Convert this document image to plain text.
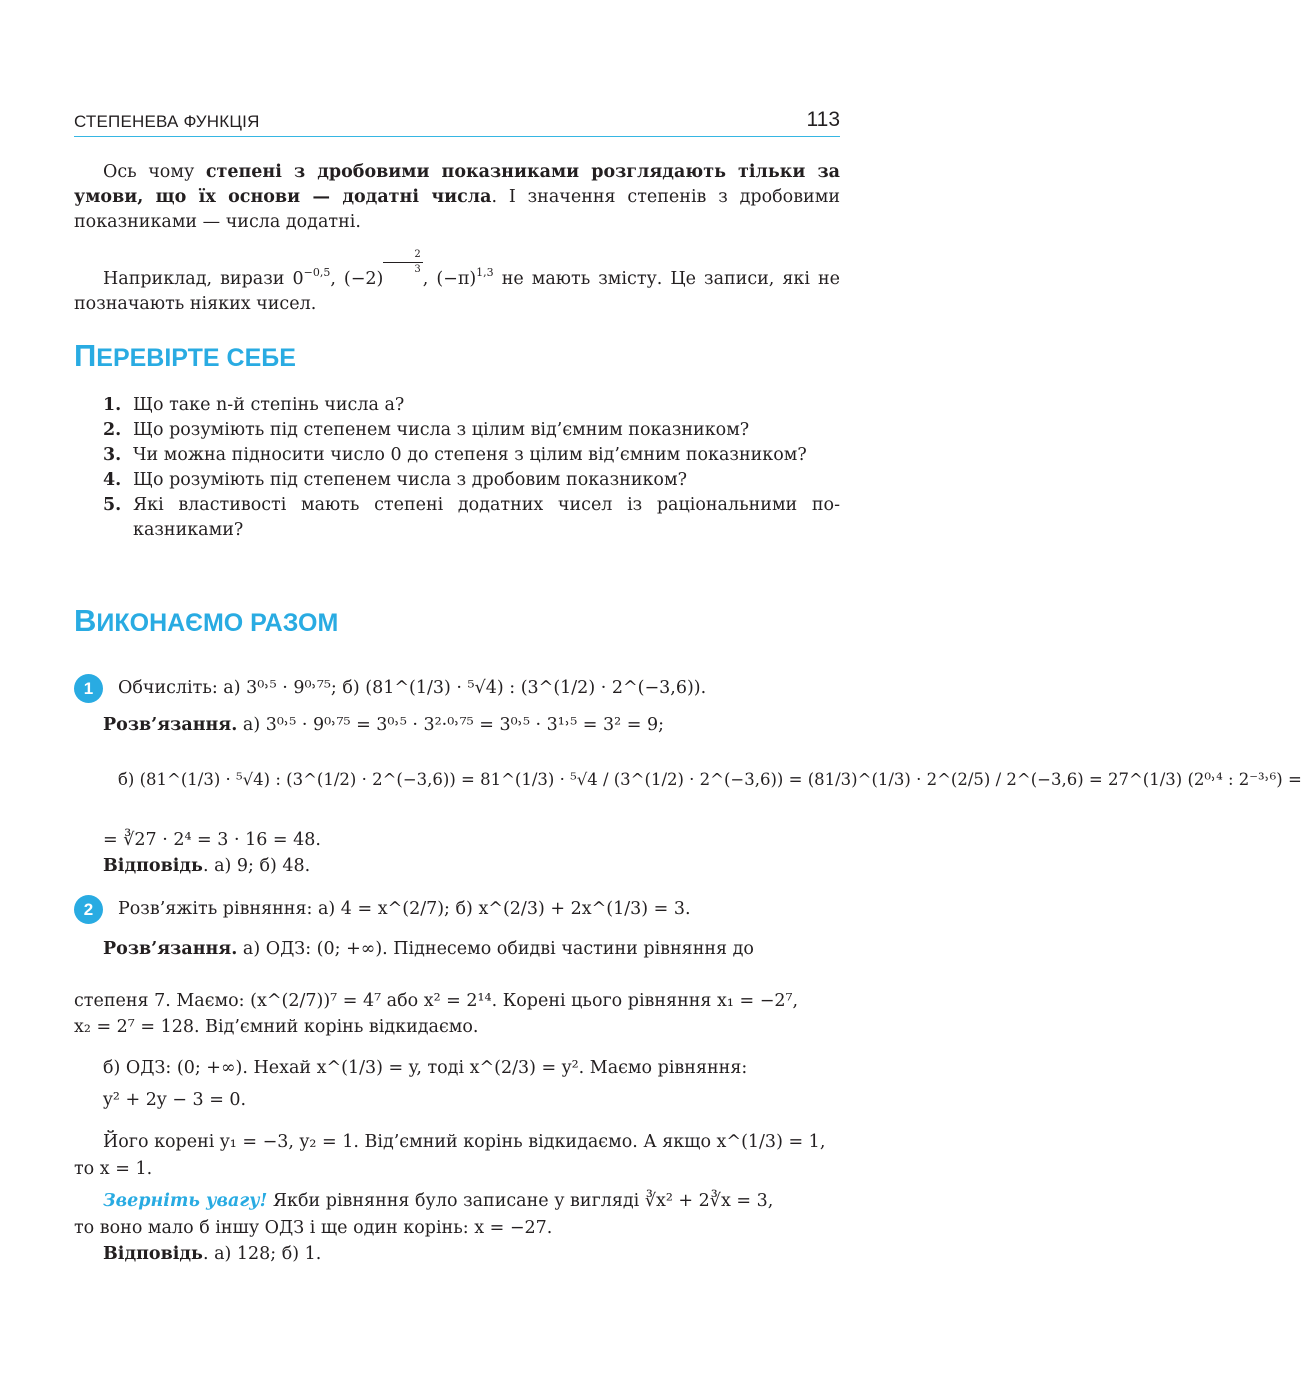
СТЕПЕНЕВА ФУНКЦІЯ	113
Ось чому степені з дробовими показниками розглядають тільки за умови, що їх основи — додатні числа. І значення степенів з дробовими показниками — числа додатні.
Наприклад, вирази $0^{-0,5}$, (−2)
$^{\frac{2}{3}}$
, $(-\pi)^{1,3}$ не мають змісту. Це записи, які не позначають ніяких чисел.
ПЕРЕВІРТЕ СЕБЕ
1. Що таке n-й степінь числа a?
2. Що розуміють під степенем числа з цілим від’ємним показником?
3. Чи можна підносити число 0 до степеня з цілим від’ємним показником?
4. Що розуміють під степенем числа з дробовим показником?
5. Які властивості мають степені додатних чисел із раціональними показниками?
ВИКОНАЄМО РАЗОМ
1	Обчисліть: а) 3⁰˒⁵ · 9⁰˒⁷⁵; б) (81^(1/3) · ⁵√4) : (3^(1/2) · 2^(−3,6)).
Розв’язання. а) 3⁰˒⁵ · 9⁰˒⁷⁵ = 3⁰˒⁵ · 3²·⁰˒⁷⁵ = 3⁰˒⁵ · 3¹˒⁵ = 3² = 9;
б) (81^(1/3) · ⁵√4) : (3^(1/2) · 2^(−3,6)) = 81^(1/3) · ⁵√4 / (3^(1/2) · 2^(−3,6)) = (81/3)^(1/3) · 2^(2/5) / 2^(−3,6) = 27^(1/3) (2⁰˒⁴ : 2⁻³˒⁶) =
= ∛27 · 2⁴ = 3 · 16 = 48.
Відповідь. а) 9; б) 48.
2	Розв’яжіть рівняння: а) 4 = x^(2/7); б) x^(2/3) + 2x^(1/3) = 3.
Розв’язання. а) ОДЗ: (0; +∞). Піднесемо обидві частини рівняння до
степеня 7. Маємо: (x^(2/7))⁷ = 4⁷ або x² = 2¹⁴. Корені цього рівняння x₁ = −2⁷,
x₂ = 2⁷ = 128. Від’ємний корінь відкидаємо.
б) ОДЗ: (0; +∞). Нехай x^(1/3) = y, тоді x^(2/3) = y². Маємо рівняння:
y² + 2y − 3 = 0.
Його корені y₁ = −3, y₂ = 1. Від’ємний корінь відкидаємо. А якщо x^(1/3) = 1,
то x = 1.
Зверніть увагу! Якби рівняння було записане у вигляді ∛x² + 2∛x = 3,
то воно мало б іншу ОДЗ і ще один корінь: x = −27.
Відповідь. а) 128; б) 1.
